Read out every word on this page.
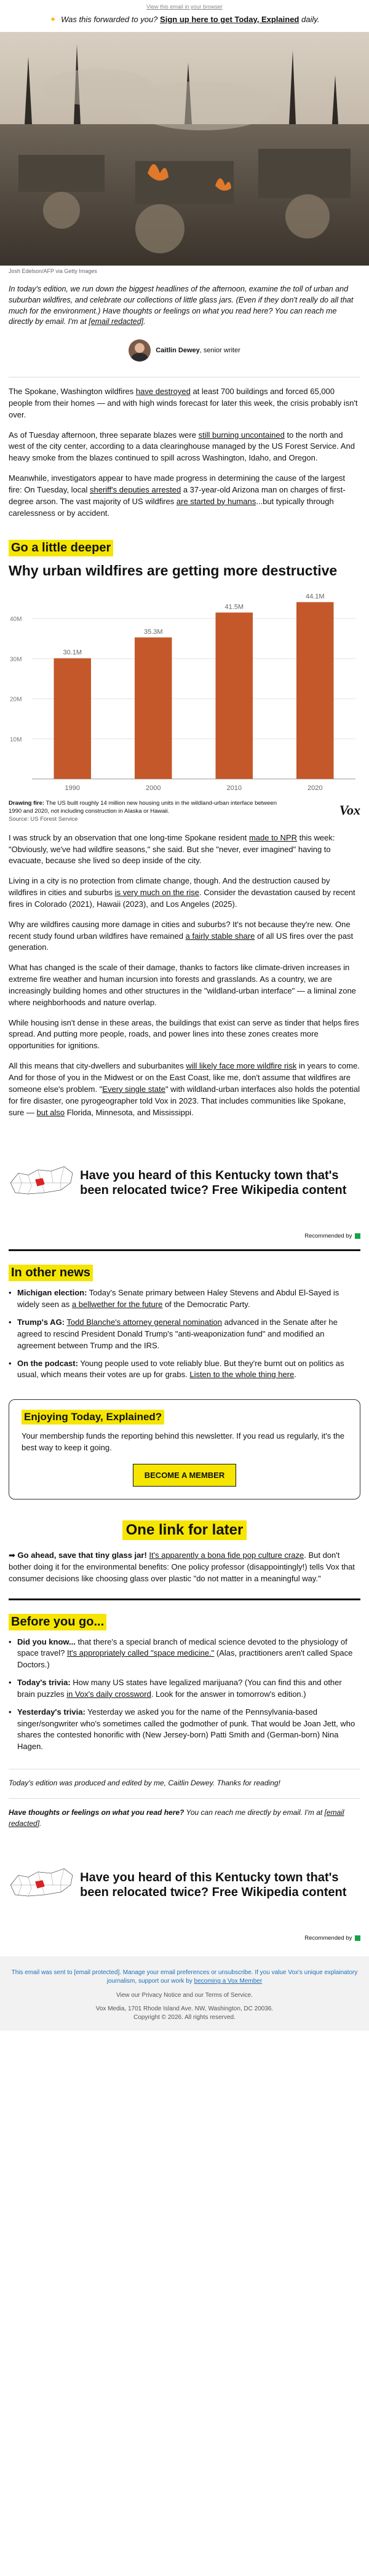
View this email in your browser
✦ Was this forwarded to you? Sign up here to get Today, Explained daily.
Josh Edelson/AFP via Getty Images

In today's edition, we run down the biggest headlines of the afternoon, examine the toll of urban and suburban wildfires, and celebrate our collections of little glass jars. (Even if they don't really do all that much for the environment.) Have thoughts or feelings on what you read here? You can reach me directly by email. I'm at [email redacted].

Caitlin Dewey, senior writer

The Spokane, Washington wildfires have destroyed at least 700 buildings and forced 65,000 people from their homes — and with high winds forecast for later this week, the crisis probably isn't over.

As of Tuesday afternoon, three separate blazes were still burning uncontained to the north and west of the city center, according to a data clearinghouse managed by the US Forest Service. And heavy smoke from the blazes continued to spill across Washington, Idaho, and Oregon.

Meanwhile, investigators appear to have made progress in determining the cause of the largest fire: On Tuesday, local sheriff's deputies arrested a 37-year-old Arizona man on charges of first-degree arson. The vast majority of US wildfires are started by humans...but typically through carelessness or by accident.

Go a little deeper
Why urban wildfires are getting more destructive
10M
20M
30M
40M
30.1M
1990
35.3M
2000
41.5M
2010
44.1M
2020

Drawing fire: The US built roughly 14 million new housing units in the wildland-urban interface between 1990 and 2020, not including construction in Alaska or Hawaii.

Source: US Forest Service

Vox

I was struck by an observation that one long-time Spokane resident made to NPR this week: "Obviously, we've had wildfire seasons," she said. But she "never, ever imagined" having to evacuate, because she lived so deep inside of the city.

Living in a city is no protection from climate change, though. And the destruction caused by wildfires in cities and suburbs is very much on the rise. Consider the devastation caused by recent fires in Colorado (2021), Hawaii (2023), and Los Angeles (2025).

Why are wildfires causing more damage in cities and suburbs? It's not because they're new. One recent study found urban wildfires have remained a fairly stable share of all US fires over the past generation.

What has changed is the scale of their damage, thanks to factors like climate-driven increases in extreme fire weather and human incursion into forests and grasslands. As a country, we are increasingly building homes and other structures in the "wildland-urban interface" — a liminal zone where neighborhoods and nature overlap.

While housing isn't dense in these areas, the buildings that exist can serve as tinder that helps fires spread. And putting more people, roads, and power lines into these zones creates more opportunities for ignitions.

All this means that city-dwellers and suburbanites will likely face more wildfire risk in years to come. And for those of you in the Midwest or on the East Coast, like me, don't assume that wildfires are someone else's problem. "Every single state" with wildland-urban interfaces also holds the potential for fire disaster, one pyrogeographer told Vox in 2023. That includes communities like Spokane, sure — but also Florida, Minnesota, and Mississippi.

Have you heard of this Kentucky town that's been relocated twice? Free Wikipedia content
Recommended by
In other news
• Michigan election: Today's Senate primary between Haley Stevens and Abdul El-Sayed is widely seen as a bellwether for the future of the Democratic Party.
• Trump's AG: Todd Blanche's attorney general nomination advanced in the Senate after he agreed to rescind President Donald Trump's "anti-weaponization fund" and modified an agreement between Trump and the IRS.
• On the podcast: Young people used to vote reliably blue. But they're burnt out on politics as usual, which means their votes are up for grabs. Listen to the whole thing here.
Enjoying Today, Explained?

Your membership funds the reporting behind this newsletter. If you read us regularly, it's the best way to keep it going.

BECOME A MEMBER
One link for later

➡ Go ahead, save that tiny glass jar! It's apparently a bona fide pop culture craze. But don't bother doing it for the environmental benefits: One policy professor (disappointingly!) tells Vox that consumer decisions like choosing glass over plastic "do not matter in a meaningful way."

Before you go...
• Did you know... that there's a special branch of medical science devoted to the physiology of space travel? It's appropriately called "space medicine." (Alas, practitioners aren't called Space Doctors.)
• Today's trivia: How many US states have legalized marijuana? (You can find this and other brain puzzles in Vox's daily crossword. Look for the answer in tomorrow's edition.)
• Yesterday's trivia: Yesterday we asked you for the name of the Pennsylvania-based singer/songwriter who's sometimes called the godmother of punk. That would be Joan Jett, who shares the contested honorific with (New Jersey-born) Patti Smith and (German-born) Nina Hagen.

Today's edition was produced and edited by me, Caitlin Dewey. Thanks for reading!

Have thoughts or feelings on what you read here? You can reach me directly by email. I'm at [email redacted].

Have you heard of this Kentucky town that's been relocated twice? Free Wikipedia content
Recommended by

This email was sent to [email protected]. Manage your email preferences or unsubscribe. If you value Vox's unique explainatory journalism, support our work by becoming a Vox Member

View our Privacy Notice and our Terms of Service.

Vox Media, 1701 Rhode Island Ave. NW, Washington, DC 20036.
Copyright © 2026. All rights reserved.
